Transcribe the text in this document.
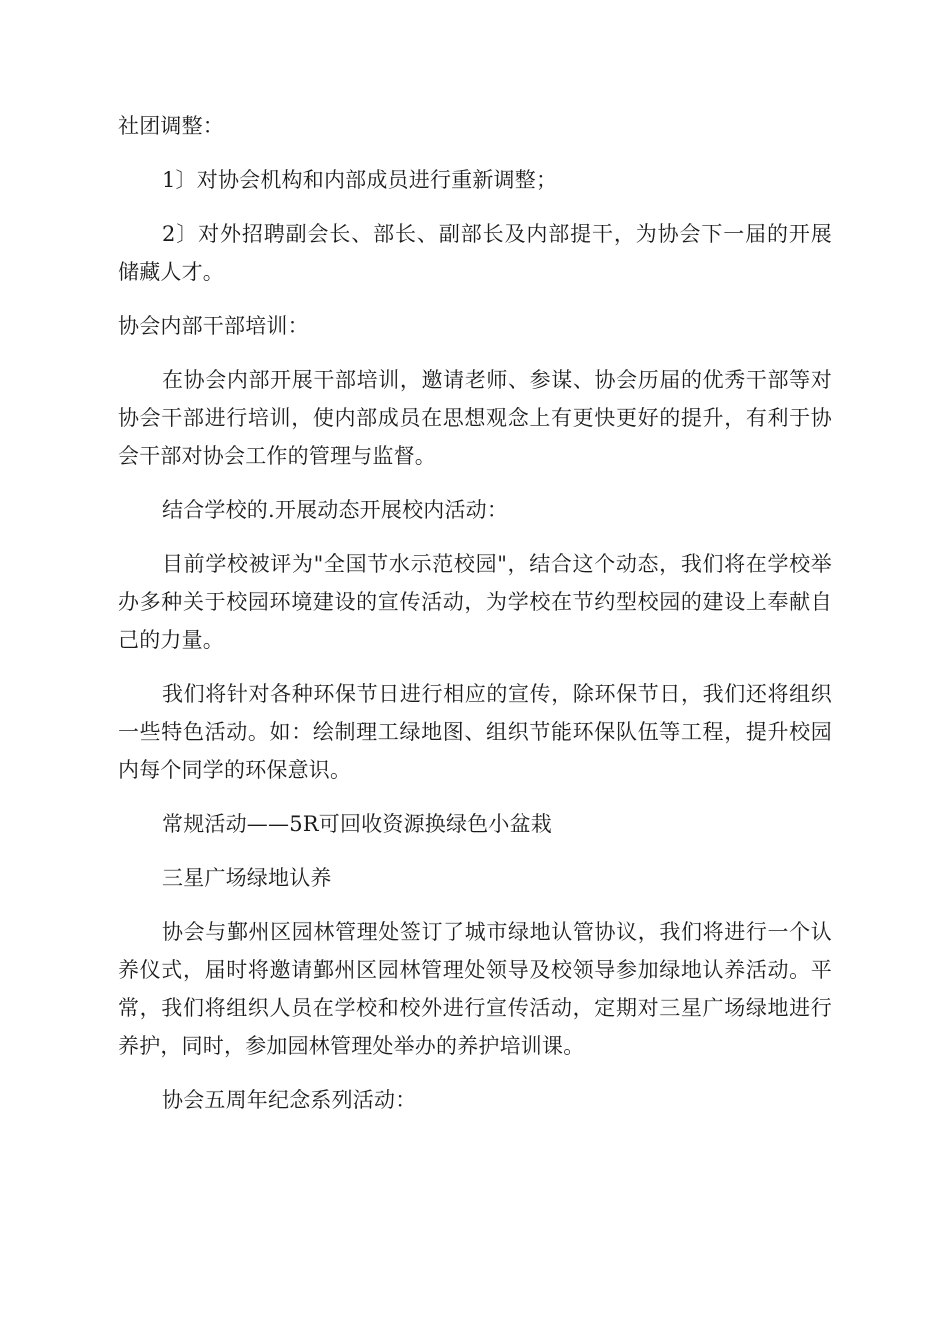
社团调整：

1〕对协会机构和内部成员进行重新调整；

2〕对外招聘副会长、部长、副部长及内部提干，为协会下一届的开展储藏人才。

协会内部干部培训：

在协会内部开展干部培训，邀请老师、参谋、协会历届的优秀干部等对协会干部进行培训，使内部成员在思想观念上有更快更好的提升，有利于协会干部对协会工作的管理与监督。

结合学校的.开展动态开展校内活动：

目前学校被评为"全国节水示范校园"，结合这个动态，我们将在学校举办多种关于校园环境建设的宣传活动，为学校在节约型校园的建设上奉献自己的力量。

我们将针对各种环保节日进行相应的宣传，除环保节日，我们还将组织一些特色活动。如：绘制理工绿地图、组织节能环保队伍等工程，提升校园内每个同学的环保意识。

常规活动——5R可回收资源换绿色小盆栽

三星广场绿地认养

协会与鄞州区园林管理处签订了城市绿地认管协议，我们将进行一个认养仪式，届时将邀请鄞州区园林管理处领导及校领导参加绿地认养活动。平常，我们将组织人员在学校和校外进行宣传活动，定期对三星广场绿地进行养护，同时，参加园林管理处举办的养护培训课。

协会五周年纪念系列活动：
